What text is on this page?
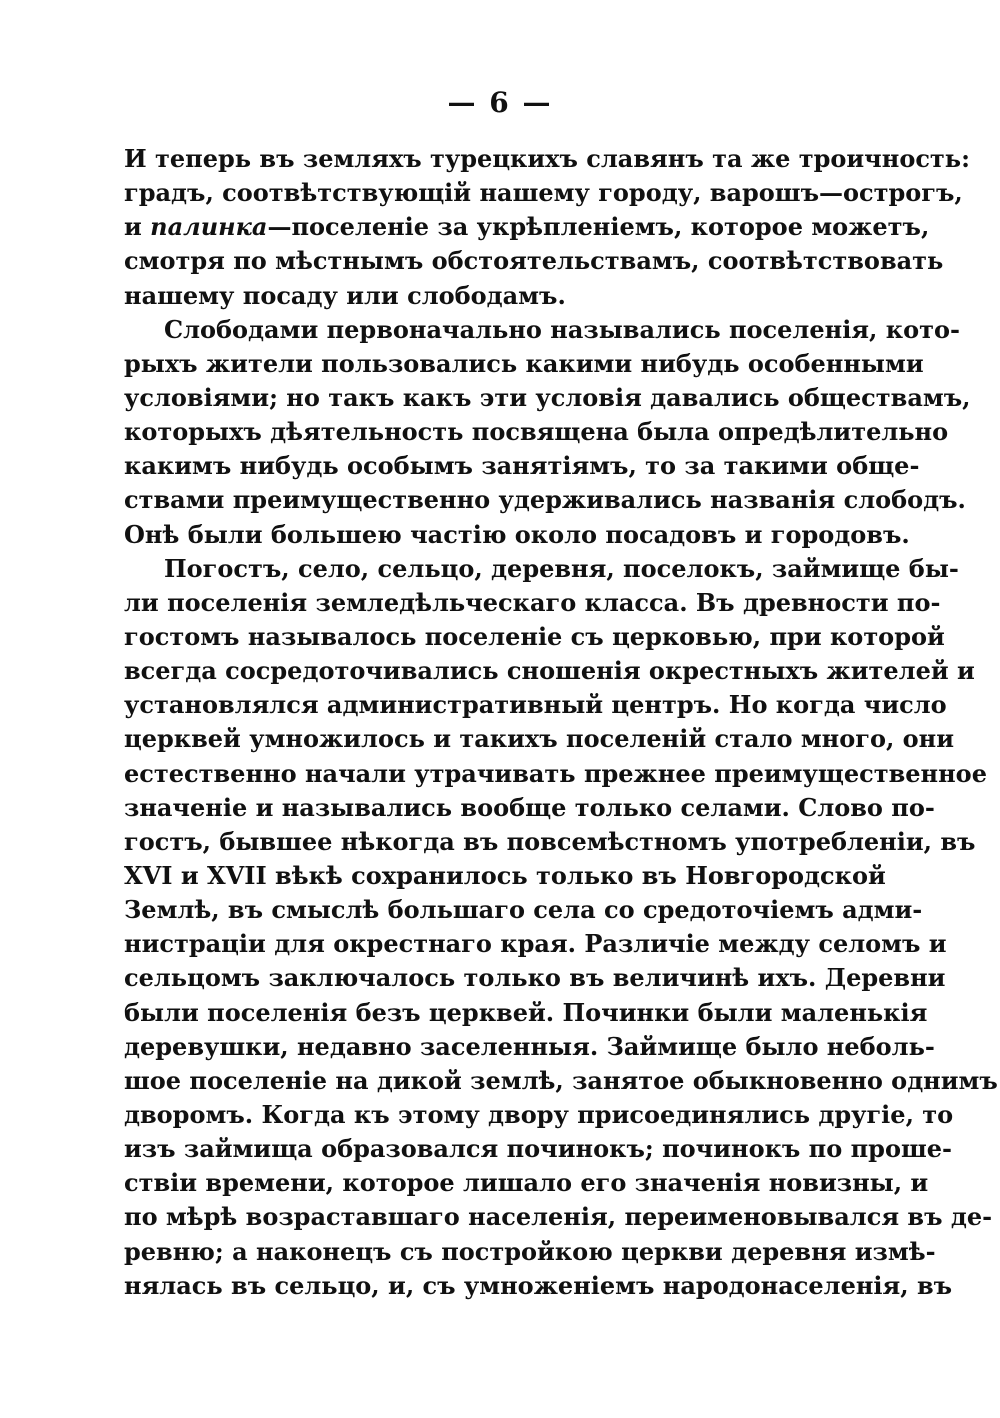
— 6 —
И теперь въ земляхъ турецкихъ славянъ та же троичность:
градъ, соотвѣтствующій нашему городу, варошъ—острогъ,
и палинка—поселеніе за укрѣпленіемъ, которое можетъ,
смотря по мѣстнымъ обстоятельствамъ, соотвѣтствовать
нашему посаду или слободамъ.
Слободами первоначально назывались поселенія, кото-
рыхъ жители пользовались какими нибудь особенными
условіями; но такъ какъ эти условія давались обществамъ,
которыхъ дѣятельность посвящена была опредѣлительно
какимъ нибудь особымъ занятіямъ, то за такими обще-
ствами преимущественно удерживались названія слободъ.
Онѣ были большею частію около посадовъ и городовъ.
Погостъ, село, сельцо, деревня, поселокъ, займище бы-
ли поселенія земледѣльческаго класса. Въ древности по-
гостомъ называлось поселеніе съ церковью, при которой
всегда сосредоточивались сношенія окрестныхъ жителей и
установлялся административный центръ. Но когда число
церквей умножилось и такихъ поселеній стало много, они
естественно начали утрачивать прежнее преимущественное
значеніе и назывались вообще только селами. Слово по-
гостъ, бывшее нѣкогда въ повсемѣстномъ употребленіи, въ
XVI и XVII вѣкѣ сохранилось только въ Новгородской
Землѣ, въ смыслѣ большаго села со средоточіемъ адми-
нистраціи для окрестнаго края. Различіе между селомъ и
сельцомъ заключалось только въ величинѣ ихъ. Деревни
были поселенія безъ церквей. Починки были маленькія
деревушки, недавно заселенныя. Займище было неболь-
шое поселеніе на дикой землѣ, занятое обыкновенно однимъ
дворомъ. Когда къ этому двору присоединялись другіе, то
изъ займища образовался починокъ; починокъ по проше-
ствіи времени, которое лишало его значенія новизны, и
по мѣрѣ возраставшаго населенія, переименовывался въ де-
ревню; а наконецъ съ постройкою церкви деревня измѣ-
нялась въ сельцо, и, съ умноженіемъ народонаселенія, въ
